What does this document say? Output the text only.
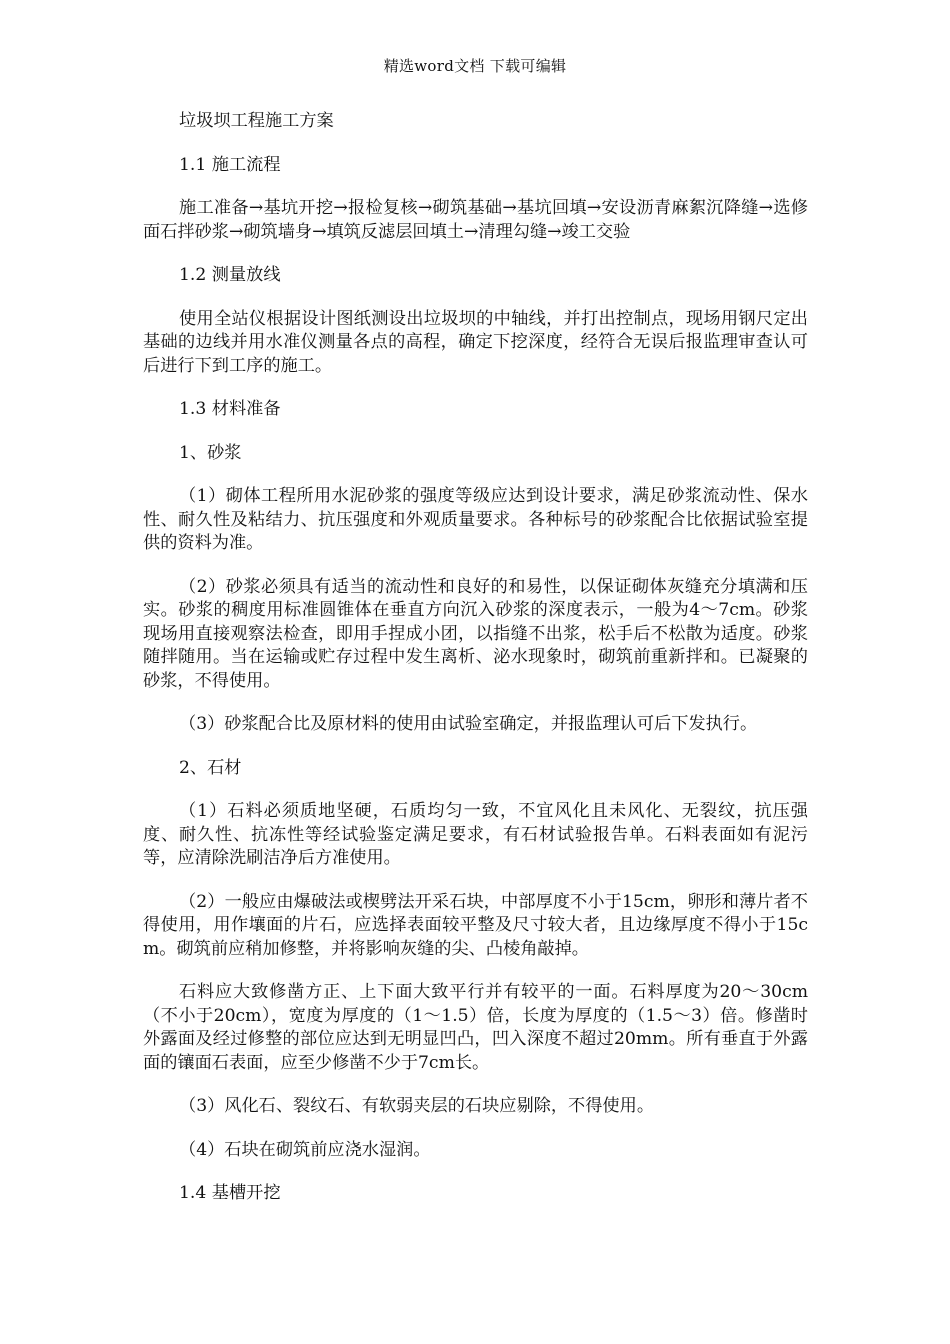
精选word文档 下载可编辑

垃圾坝工程施工方案

1.1 施工流程

施工准备→基坑开挖→报检复核→砌筑基础→基坑回填→安设沥青麻絮沉降缝→选修面石拌砂浆→砌筑墙身→填筑反滤层回填土→清理勾缝→竣工交验

1.2 测量放线

使用全站仪根据设计图纸测设出垃圾坝的中轴线，并打出控制点，现场用钢尺定出基础的边线并用水准仪测量各点的高程，确定下挖深度，经符合无误后报监理审查认可后进行下到工序的施工。

1.3 材料准备

1、砂浆

（1）砌体工程所用水泥砂浆的强度等级应达到设计要求，满足砂浆流动性、保水性、耐久性及粘结力、抗压强度和外观质量要求。各种标号的砂浆配合比依据试验室提供的资料为准。

（2）砂浆必须具有适当的流动性和良好的和易性，以保证砌体灰缝充分填满和压实。砂浆的稠度用标准圆锥体在垂直方向沉入砂浆的深度表示，一般为4～7cm。砂浆现场用直接观察法检查，即用手捏成小团，以指缝不出浆，松手后不松散为适度。砂浆随拌随用。当在运输或贮存过程中发生离析、泌水现象时，砌筑前重新拌和。已凝聚的砂浆，不得使用。

（3）砂浆配合比及原材料的使用由试验室确定，并报监理认可后下发执行。

2、石材

（1）石料必须质地坚硬，石质均匀一致，不宜风化且未风化、无裂纹，抗压强度、耐久性、抗冻性等经试验鉴定满足要求，有石材试验报告单。石料表面如有泥污等，应清除洗刷洁净后方准使用。

（2）一般应由爆破法或楔劈法开采石块，中部厚度不小于15cm，卵形和薄片者不得使用，用作壤面的片石，应选择表面较平整及尺寸较大者，且边缘厚度不得小于15cm。砌筑前应稍加修整，并将影响灰缝的尖、凸棱角敲掉。

石料应大致修凿方正、上下面大致平行并有较平的一面。石料厚度为20～30cm（不小于20cm），宽度为厚度的（1～1.5）倍，长度为厚度的（1.5～3）倍。修凿时外露面及经过修整的部位应达到无明显凹凸，凹入深度不超过20mm。所有垂直于外露面的镶面石表面，应至少修凿不少于7cm长。

（3）风化石、裂纹石、有软弱夹层的石块应剔除，不得使用。

（4）石块在砌筑前应浇水湿润。

1.4 基槽开挖
